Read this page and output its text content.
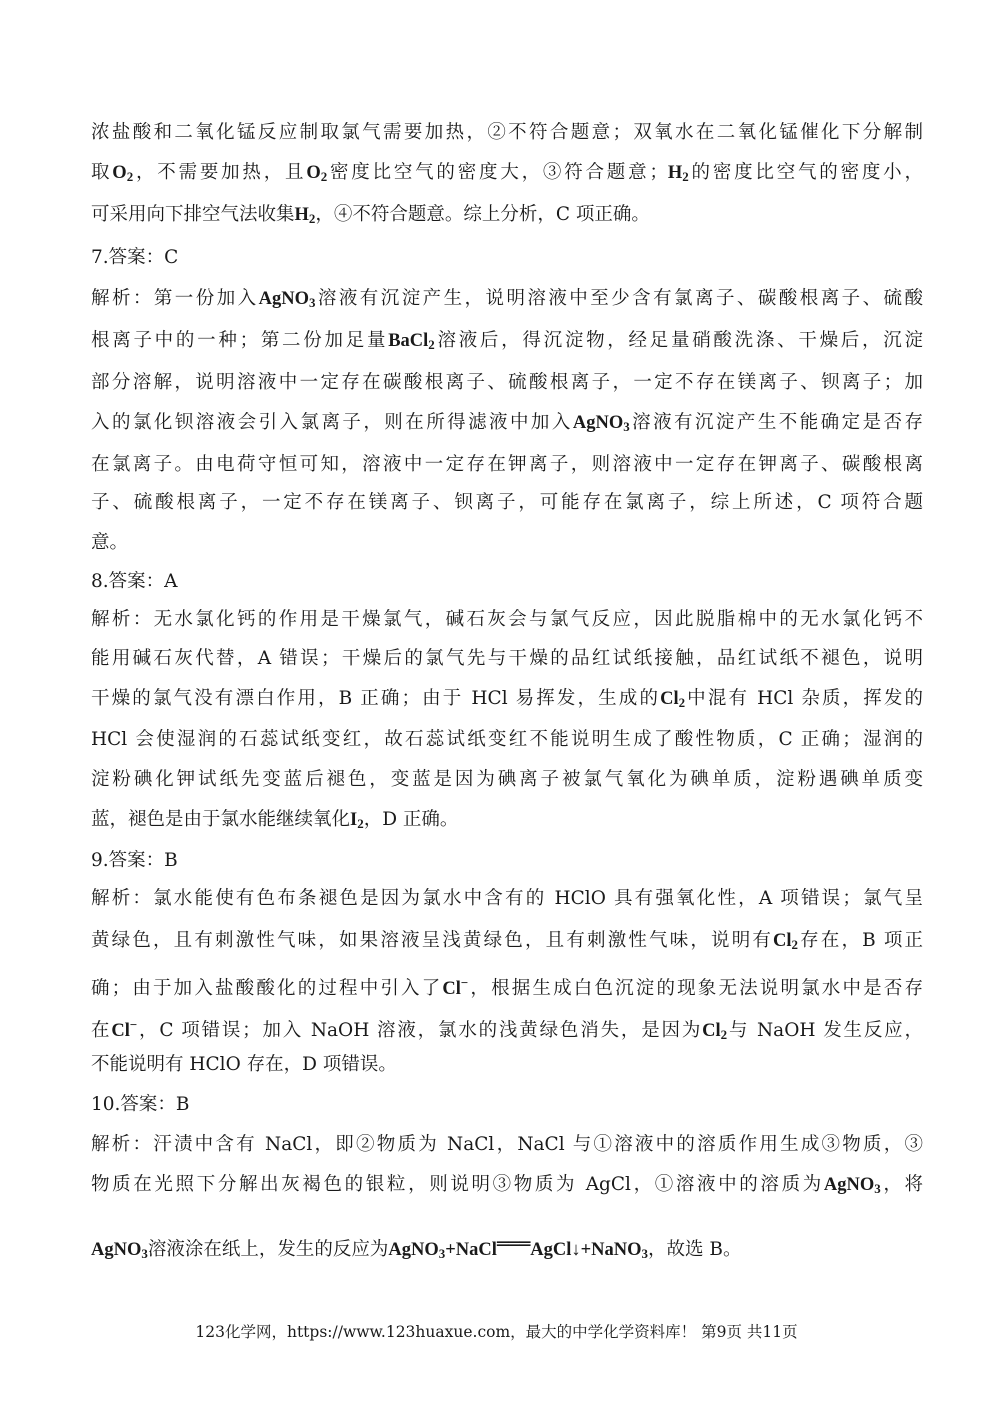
浓盐酸和二氧化锰反应制取氯气需要加热，②不符合题意；双氧水在二氧化锰催化下分解制
取$O_2$，不需要加热，且$O_2$密度比空气的密度大，③符合题意；$H_2$的密度比空气的密度小，
可采用向下排空气法收集$H_2$，④不符合题意。综上分析，C 项正确。
7.答案：C
解析：第一份加入AgNO$_3$溶液有沉淀产生，说明溶液中至少含有氯离子、碳酸根离子、硫酸
根离子中的一种；第二份加足量BaCl$_2$溶液后，得沉淀物，经足量硝酸洗涤、干燥后，沉淀
部分溶解，说明溶液中一定存在碳酸根离子、硫酸根离子，一定不存在镁离子、钡离子；加
入的氯化钡溶液会引入氯离子，则在所得滤液中加入AgNO$_3$溶液有沉淀产生不能确定是否存
在氯离子。由电荷守恒可知，溶液中一定存在钾离子，则溶液中一定存在钾离子、碳酸根离
子、硫酸根离子，一定不存在镁离子、钡离子，可能存在氯离子，综上所述，C 项符合题
意。
8.答案：A
解析：无水氯化钙的作用是干燥氯气，碱石灰会与氯气反应，因此脱脂棉中的无水氯化钙不
能用碱石灰代替，A 错误；干燥后的氯气先与干燥的品红试纸接触，品红试纸不褪色，说明
干燥的氯气没有漂白作用，B 正确；由于 HCl 易挥发，生成的$Cl_2$中混有 HCl 杂质，挥发的
HCl 会使湿润的石蕊试纸变红，故石蕊试纸变红不能说明生成了酸性物质，C 正确；湿润的
淀粉碘化钾试纸先变蓝后褪色，变蓝是因为碘离子被氯气氧化为碘单质，淀粉遇碘单质变
蓝，褪色是由于氯水能继续氧化$I_2$，D 正确。
9.答案：B
解析：氯水能使有色布条褪色是因为氯水中含有的 HClO 具有强氧化性，A 项错误；氯气呈
黄绿色，且有刺激性气味，如果溶液呈浅黄绿色，且有刺激性气味，说明有$Cl_2$存在，B 项正
确；由于加入盐酸酸化的过程中引入了Cl−，根据生成白色沉淀的现象无法说明氯水中是否存
在Cl−，C 项错误；加入 NaOH 溶液，氯水的浅黄绿色消失，是因为$Cl_2$与 NaOH 发生反应，
不能说明有 HClO 存在，D 项错误。
10.答案：B
解析：汗渍中含有 NaCl，即②物质为 NaCl，NaCl 与①溶液中的溶质作用生成③物质，③
物质在光照下分解出灰褐色的银粒，则说明③物质为 AgCl，①溶液中的溶质为AgNO$_3$，将
AgNO$_3$溶液涂在纸上，发生的反应为AgNO$_3$+NaCl═══AgCl↓+NaNO$_3$，故选 B。
123化学网，https://www.123huaxue.com，最大的中学化学资料库！ 第9页 共11页
